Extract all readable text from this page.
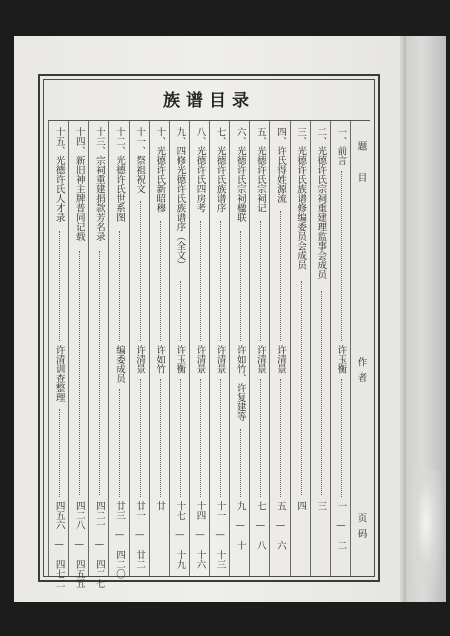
族谱目录
题目
作者
页码
一、前言
许玉衡
一　—　二
二、光德许氏宗祠重建理监事会成员
三
三、光德许氏族谱修编委员会成员
四
四、许氏得姓源流
许清景
五　—　六
五、光德许氏宗祠记
许清景
七　—　八
六、光德许氏宗祠楹联
许如竹、许复建等
九　—　十
七、光德许氏族谱序
许清景
十一　—　十三
八、光德许氏四房考
许清景
十四　—　十六
九、四修光德许氏族谱序（全文）
许玉衡
十七　—　十九
十、光德许氏新昭穆
许如竹
廿
十一、祭祖祝文
许清景
廿一　—　廿二
十二、光德许氏世系图
编委成员
廿三　—　四二〇
十三、宗祠重建捐款芳名录
四二一　—　四二七
十四、新旧神主牌普同记载
四二八　—　四五五
十五、光德许氏人才录
许清训查整理
四五六　—　四七二
